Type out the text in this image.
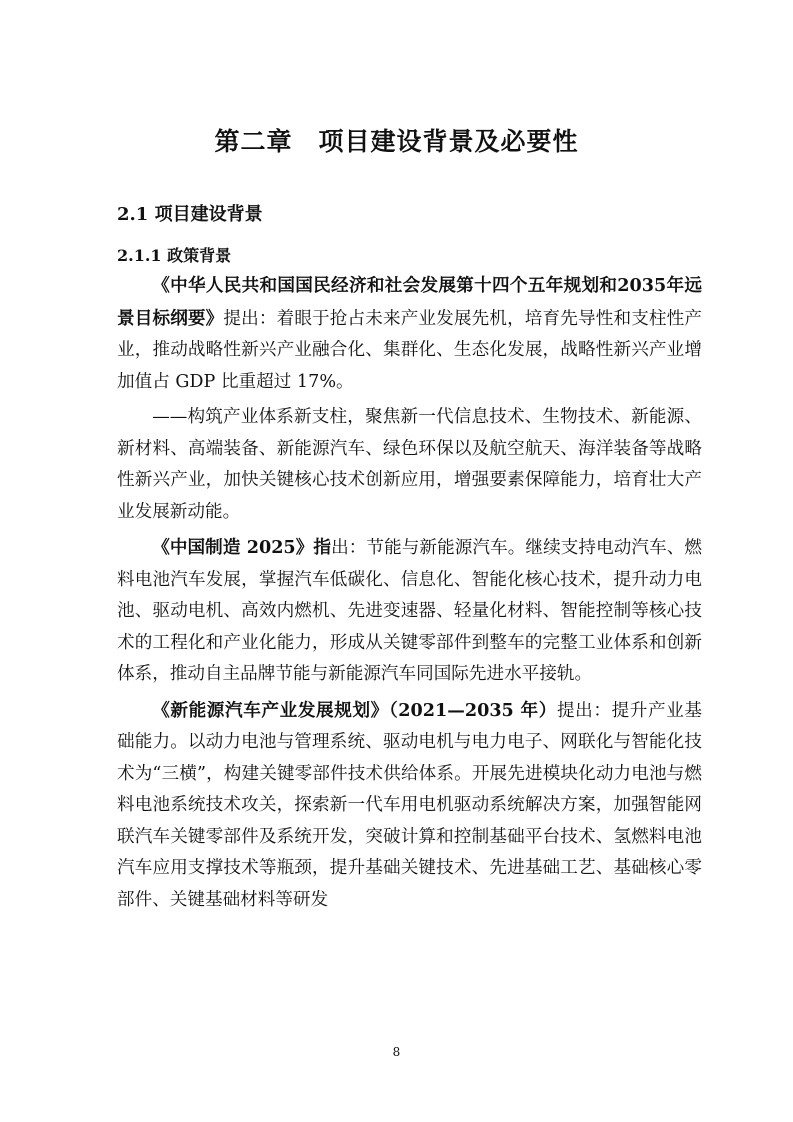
第二章 项目建设背景及必要性
2.1 项目建设背景
2.1.1 政策背景

《中华人民共和国国民经济和社会发展第十四个五年规划和2035年远景目标纲要》提出：着眼于抢占未来产业发展先机，培育先导性和支柱性产业，推动战略性新兴产业融合化、集群化、生态化发展，战略性新兴产业增加值占 GDP 比重超过 17%。

——构筑产业体系新支柱，聚焦新一代信息技术、生物技术、新能源、新材料、高端装备、新能源汽车、绿色环保以及航空航天、海洋装备等战略性新兴产业，加快关键核心技术创新应用，增强要素保障能力，培育壮大产业发展新动能。

《中国制造 2025》指出：节能与新能源汽车。继续支持电动汽车、燃料电池汽车发展，掌握汽车低碳化、信息化、智能化核心技术，提升动力电池、驱动电机、高效内燃机、先进变速器、轻量化材料、智能控制等核心技术的工程化和产业化能力，形成从关键零部件到整车的完整工业体系和创新体系，推动自主品牌节能与新能源汽车同国际先进水平接轨。

《新能源汽车产业发展规划》（2021—2035 年）提出：提升产业基础能力。以动力电池与管理系统、驱动电机与电力电子、网联化与智能化技术为“三横”，构建关键零部件技术供给体系。开展先进模块化动力电池与燃料电池系统技术攻关，探索新一代车用电机驱动系统解决方案，加强智能网联汽车关键零部件及系统开发，突破计算和控制基础平台技术、氢燃料电池汽车应用支撑技术等瓶颈，提升基础关键技术、先进基础工艺、基础核心零部件、关键基础材料等研发

8
